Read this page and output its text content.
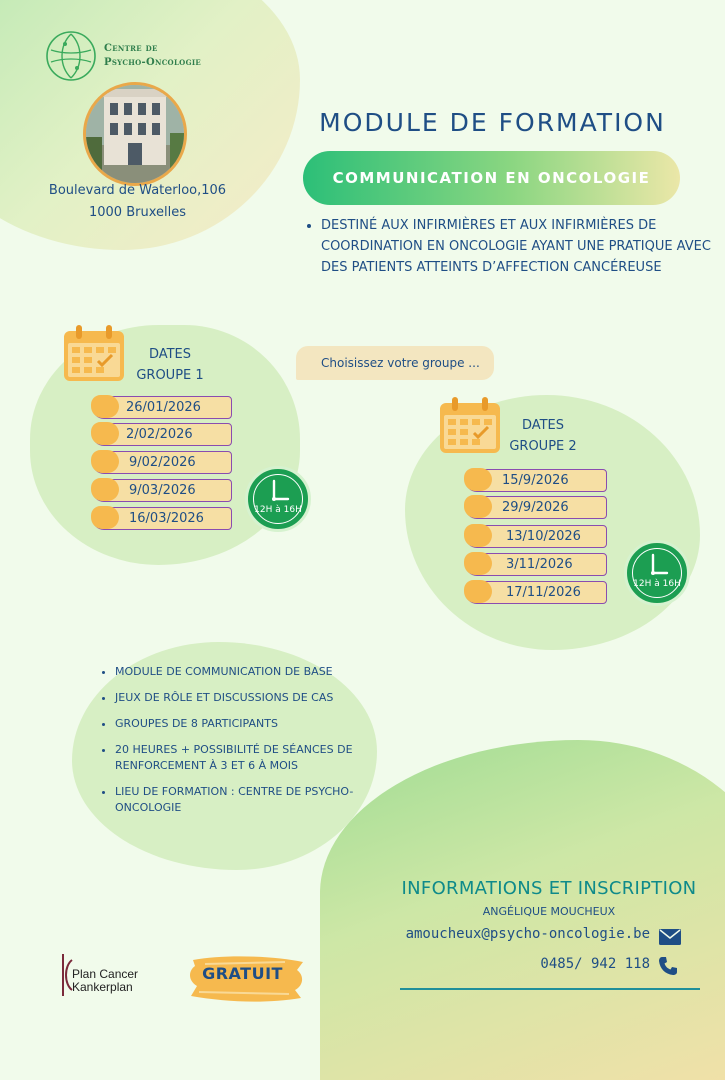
Centre de
Psycho-Oncologie
Boulevard de Waterloo,106
1000 Bruxelles
MODULE DE FORMATION
COMMUNICATION EN ONCOLOGIE
• DESTINÉ AUX INFIRMIÈRES ET AUX INFIRMIÈRES DE COORDINATION EN ONCOLOGIE AYANT UNE PRATIQUE AVEC DES PATIENTS ATTEINTS D’AFFECTION CANCÉREUSE
Choisissez votre groupe ...
DATES
GROUPE 1
26/01/2026
2/02/2026
9/02/2026
9/03/2026
16/03/2026
12H à 16H
DATES
GROUPE 2
15/9/2026
29/9/2026
13/10/2026
3/11/2026
17/11/2026
12H à 16H
• MODULE DE COMMUNICATION DE BASE
• JEUX DE RÔLE ET DISCUSSIONS DE CAS
• GROUPES DE 8 PARTICIPANTS
• 20 HEURES + POSSIBILITÉ DE SÉANCES DE RENFORCEMENT À 3 ET 6 À MOIS
• LIEU DE FORMATION : CENTRE DE PSYCHO-ONCOLOGIE
INFORMATIONS ET INSCRIPTION
ANGÉLIQUE MOUCHEUX
amoucheux@psycho-oncologie.be
0485/ 942 118
Plan Cancer
Kankerplan
GRATUIT
